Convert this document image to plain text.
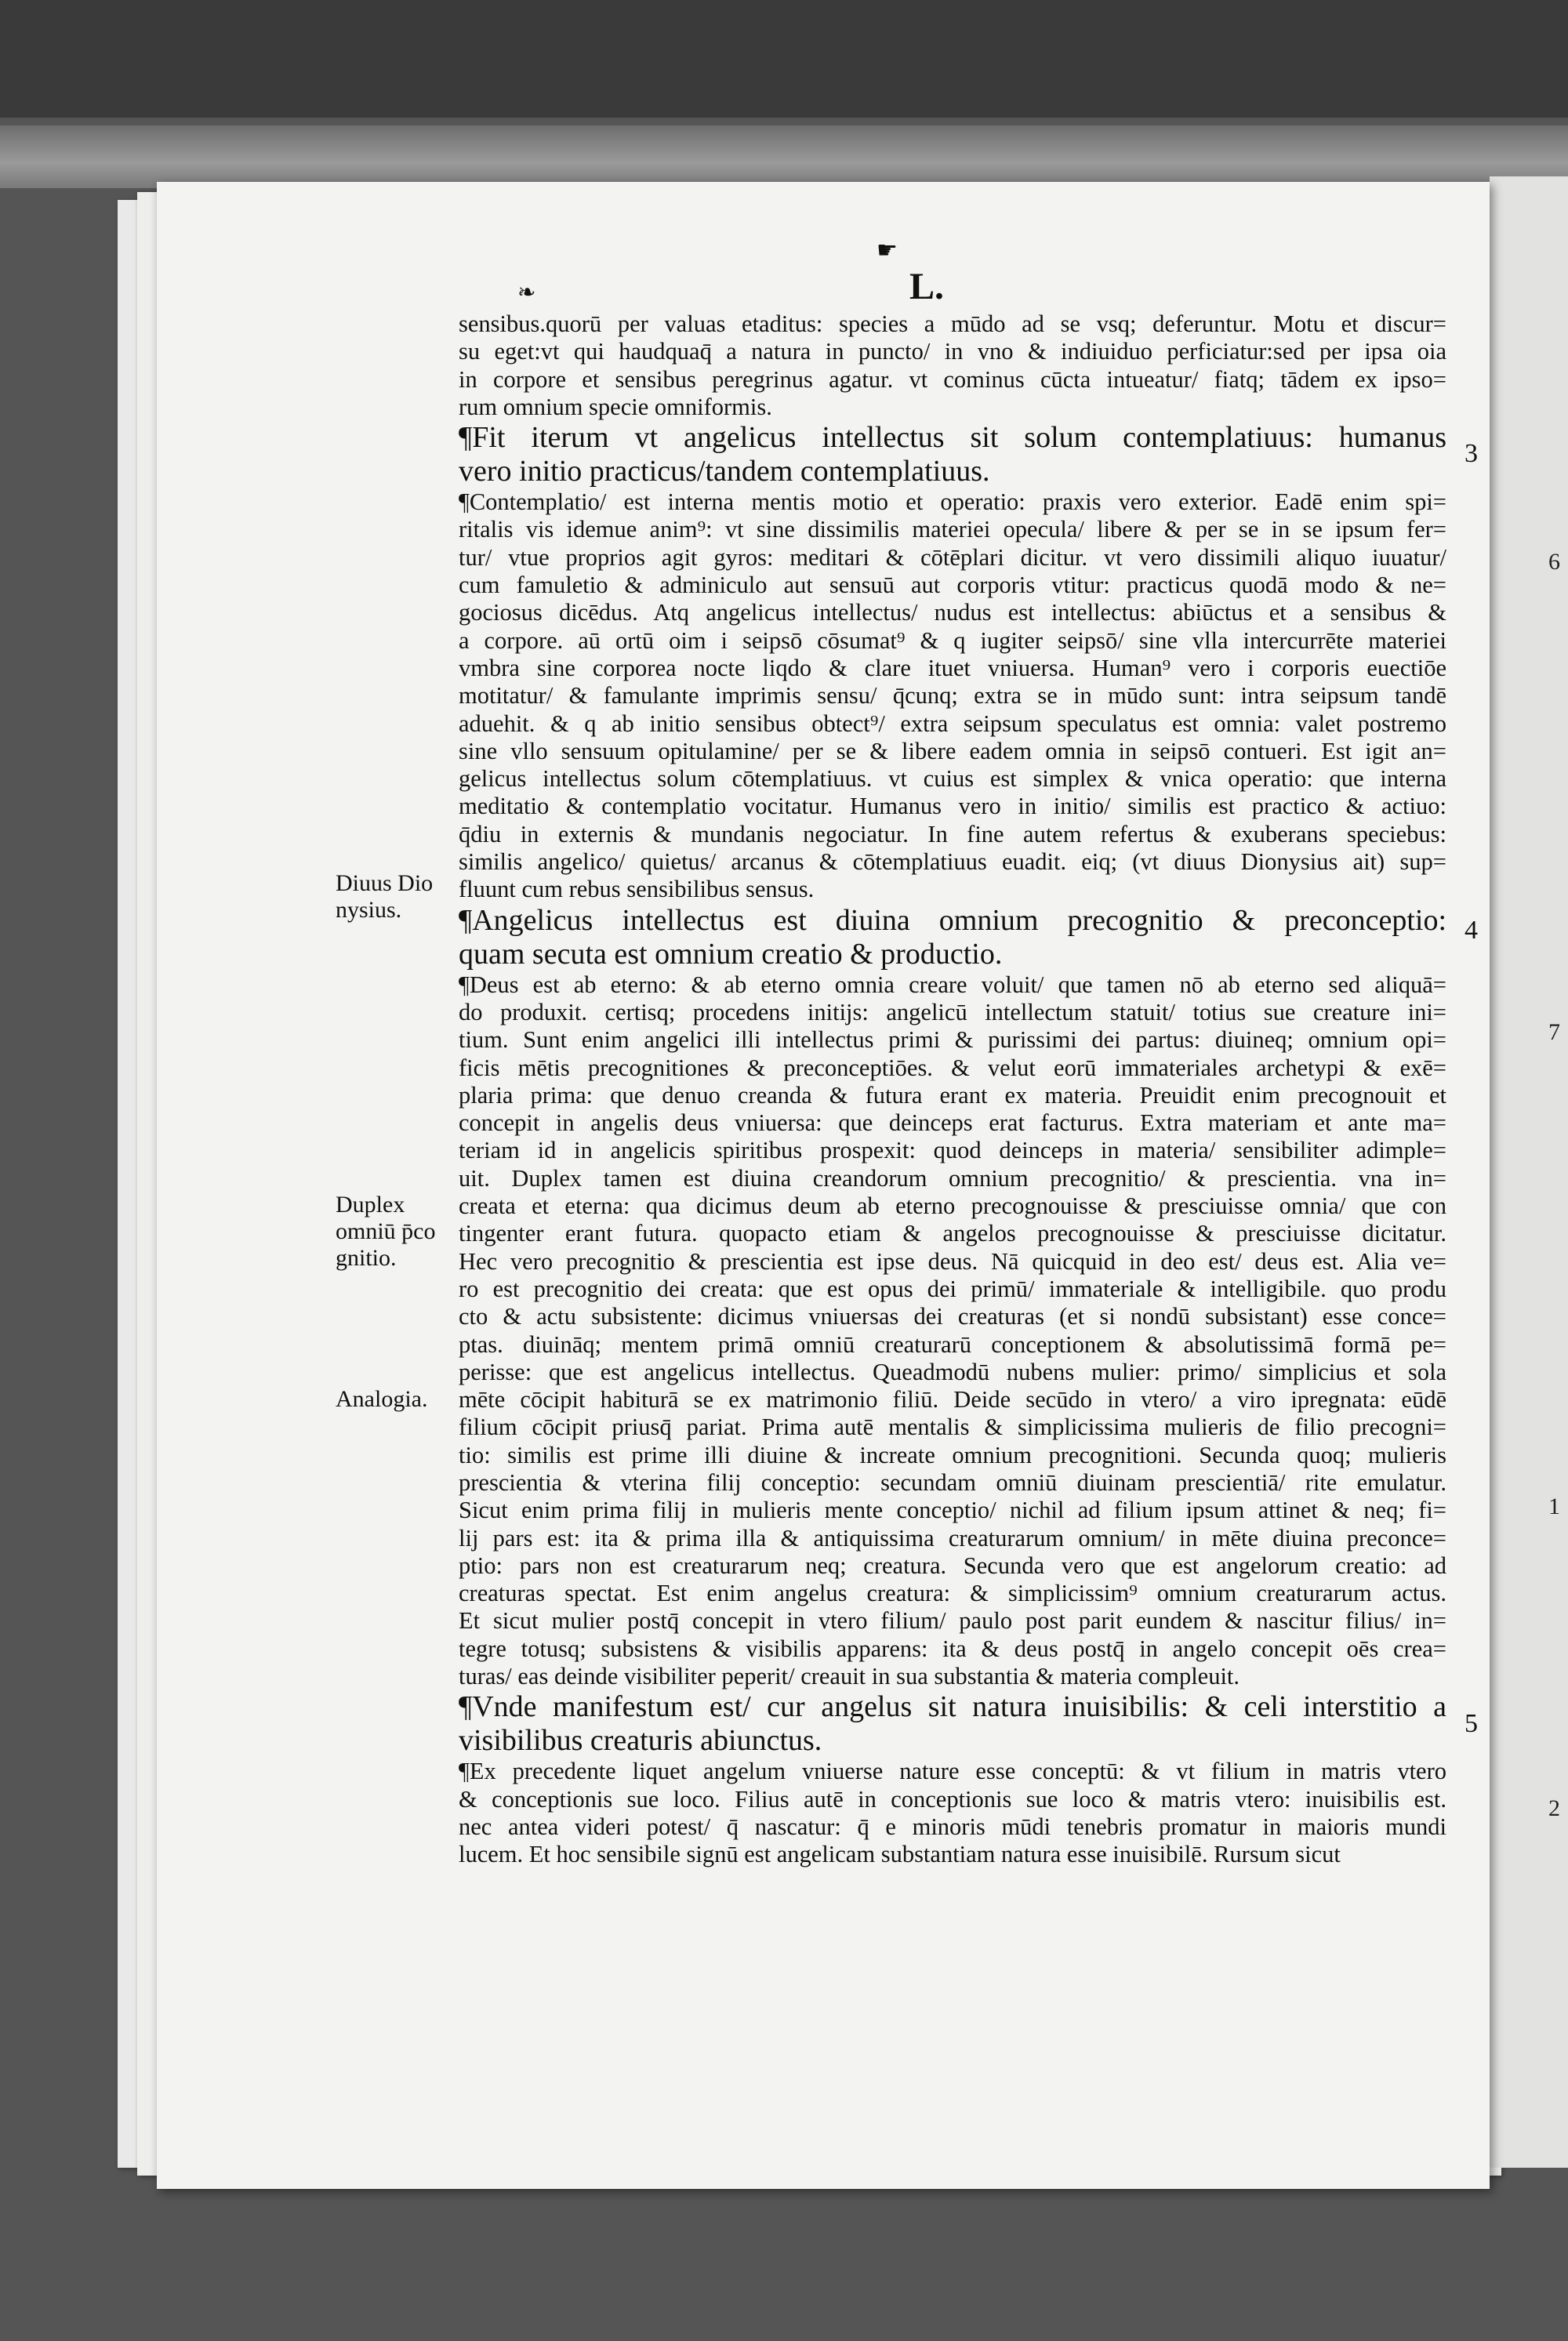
☛
❧	L.
sensibus.quorū per valuas etaditus: species a mūdo ad se vsq; deferuntur. Motu et discur=
su eget:vt qui haudquaq̄ a natura in puncto/ in vno & indiuiduo perficiatur:sed per ipsa oia
in corpore et sensibus peregrinus agatur. vt cominus cūcta intueatur/ fiatq; tādem ex ipso=
rum omnium specie omniformis.
¶Fit iterum vt angelicus intellectus sit solum contemplatiuus: humanus
vero initio practicus/tandem contemplatiuus.
¶Contemplatio/ est interna mentis motio et operatio: praxis vero exterior. Eadē enim spi=
ritalis vis idemue anim⁹: vt sine dissimilis materiei opecula/ libere & per se in se ipsum fer=
tur/ vtue proprios agit gyros: meditari & cōtēplari dicitur. vt vero dissimili aliquo iuuatur/
cum famuletio & adminiculo aut sensuū aut corporis vtitur: practicus quodā modo & ne=
gociosus dicēdus. Atq angelicus intellectus/ nudus est intellectus: abiūctus et a sensibus &
a corpore. aū ortū oim i seipsō cōsumat⁹ & q iugiter seipsō/ sine vlla intercurrēte materiei
vmbra sine corporea nocte liqdo & clare ituet vniuersa. Human⁹ vero i corporis euectiōe
motitatur/ & famulante imprimis sensu/ q̄cunq; extra se in mūdo sunt: intra seipsum tandē
aduehit. & q ab initio sensibus obtect⁹/ extra seipsum speculatus est omnia: valet postremo
sine vllo sensuum opitulamine/ per se & libere eadem omnia in seipsō contueri. Est igit an=
gelicus intellectus solum cōtemplatiuus. vt cuius est simplex & vnica operatio: que interna
meditatio & contemplatio vocitatur. Humanus vero in initio/ similis est practico & actiuo:
q̄diu in externis & mundanis negociatur. In fine autem refertus & exuberans speciebus:
similis angelico/ quietus/ arcanus & cōtemplatiuus euadit. eiq; (vt diuus Dionysius ait) sup=
fluunt cum rebus sensibilibus sensus.
¶Angelicus intellectus est diuina omnium precognitio & preconceptio:
quam secuta est omnium creatio & productio.
¶Deus est ab eterno: & ab eterno omnia creare voluit/ que tamen nō ab eterno sed aliquā=
do produxit. certisq; procedens initijs: angelicū intellectum statuit/ totius sue creature ini=
tium. Sunt enim angelici illi intellectus primi & purissimi dei partus: diuineq; omnium opi=
ficis mētis precognitiones & preconceptiōes. & velut eorū immateriales archetypi & exē=
plaria prima: que denuo creanda & futura erant ex materia. Preuidit enim precognouit et
concepit in angelis deus vniuersa: que deinceps erat facturus. Extra materiam et ante ma=
teriam id in angelicis spiritibus prospexit: quod deinceps in materia/ sensibiliter adimple=
uit. Duplex tamen est diuina creandorum omnium precognitio/ & prescientia. vna in=
creata et eterna: qua dicimus deum ab eterno precognouisse & presciuisse omnia/ que con
tingenter erant futura. quopacto etiam & angelos precognouisse & presciuisse dicitatur.
Hec vero precognitio & prescientia est ipse deus. Nā quicquid in deo est/ deus est. Alia ve=
ro est precognitio dei creata: que est opus dei primū/ immateriale & intelligibile. quo produ
cto & actu subsistente: dicimus vniuersas dei creaturas (et si nondū subsistant) esse conce=
ptas. diuināq; mentem primā omniū creaturarū conceptionem & absolutissimā formā pe=
perisse: que est angelicus intellectus. Queadmodū nubens mulier: primo/ simplicius et sola
mēte cōcipit habiturā se ex matrimonio filiū. Deide secūdo in vtero/ a viro ipregnata: eūdē
filium cōcipit priusq̄ pariat. Prima autē mentalis & simplicissima mulieris de filio precogni=
tio: similis est prime illi diuine & increate omnium precognitioni. Secunda quoq; mulieris
prescientia & vterina filij conceptio: secundam omniū diuinam prescientiā/ rite emulatur.
Sicut enim prima filij in mulieris mente conceptio/ nichil ad filium ipsum attinet & neq; fi=
lij pars est: ita & prima illa & antiquissima creaturarum omnium/ in mēte diuina preconce=
ptio: pars non est creaturarum neq; creatura. Secunda vero que est angelorum creatio: ad
creaturas spectat. Est enim angelus creatura: & simplicissim⁹ omnium creaturarum actus.
Et sicut mulier postq̄ concepit in vtero filium/ paulo post parit eundem & nascitur filius/ in=
tegre totusq; subsistens & visibilis apparens: ita & deus postq̄ in angelo concepit oēs crea=
turas/ eas deinde visibiliter peperit/ creauit in sua substantia & materia compleuit.
¶Vnde manifestum est/ cur angelus sit natura inuisibilis: & celi interstitio a
visibilibus creaturis abiunctus.
¶Ex precedente liquet angelum vniuerse nature esse conceptū: & vt filium in matris vtero
& conceptionis sue loco. Filius autē in conceptionis sue loco & matris vtero: inuisibilis est.
nec antea videri potest/ q̄ nascatur: q̄ e minoris mūdi tenebris promatur in maioris mundi
lucem. Et hoc sensibile signū est angelicam substantiam natura esse inuisibilē. Rursum sicut
Diuus Dio nysius.
Duplex omniū p̄co gnitio.
Analogia.
3
4
5
6
7
1
2
